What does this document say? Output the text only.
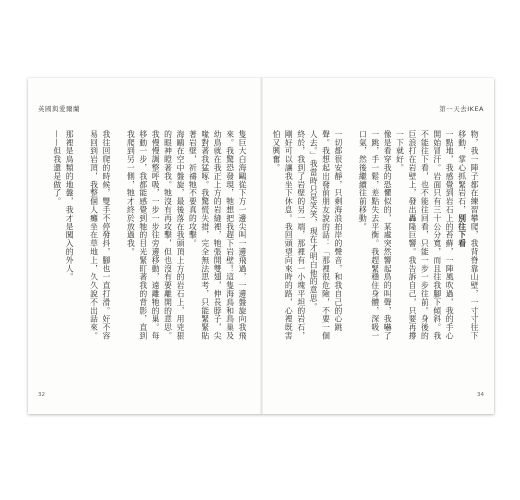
英國與愛爾蘭

隻巨大白海鷗從下方一邊尖叫一邊飛過，一邊盤旋向我飛來。我驚恐發現，牠想把我趕下岩壁！這隻海鳥和鳥巢及幼鳥就在我正上方的岩縫裡，牠張開雙翅，伸長脖子，尖喙對著我猛啄。我驚慌失措，完全無法思考，只能緊緊貼著岩壁，祈禱牠不要真的攻擊。

海鷗在空中盤旋，最後落在我頭頂上方的岩石上，用兇狠的眼神瞪著我。牠沒有再攻擊，但也沒有要離開的意思。我慢慢調整呼吸，一步一步往旁邊移動，遠離牠的巢。每移動一步，我都能感覺到牠的目光緊盯著我的背影，直到我爬到另一側，牠才終於放過我。

我往回爬的時候，雙手不停發抖，腳也一直打滑。好不容易回到岩頂，我整個人癱坐在草地上，久久說不出話來。

那裡是鳥類的地盤，我才是闖入的外人。

——但我還是做了。

32
第一天去IKEA

物，我一陣子都在練習攀爬，我背脊靠山壁，一寸寸往下移動，掌心抓緊岩石，別往下看

一點地，我感覺到岩石上的苔蘚，一陣風吹過，我的手心開始冒汗。岩面只有三十公分寬，而且往我腳下傾斜。我不能往下看，也不能往回看，只能一步一步往前。身後的巨浪打在岩壁上，發出轟隆巨響。我告訴自己，只要再撐一下就好。

像是看穿我的恐懼似的，某處突然響起鳥的叫聲，我嚇了一跳，手一鬆，差點失去平衡。我趕緊穩住身體，深吸一口氣，然後繼續往前移動。

一切都很安靜，只剩海浪拍岸的聲音，和我自己的心跳聲。我想起出發前朋友說的話：「那裡很危險，不要一個人去。」我當時只是笑笑，現在才明白他的意思。

終於，我到了岩壁的另一端，那裡有一小塊平坦的岩石，剛好可以讓我坐下休息。我回頭望向來時的路，心裡既害怕又興奮。

34
